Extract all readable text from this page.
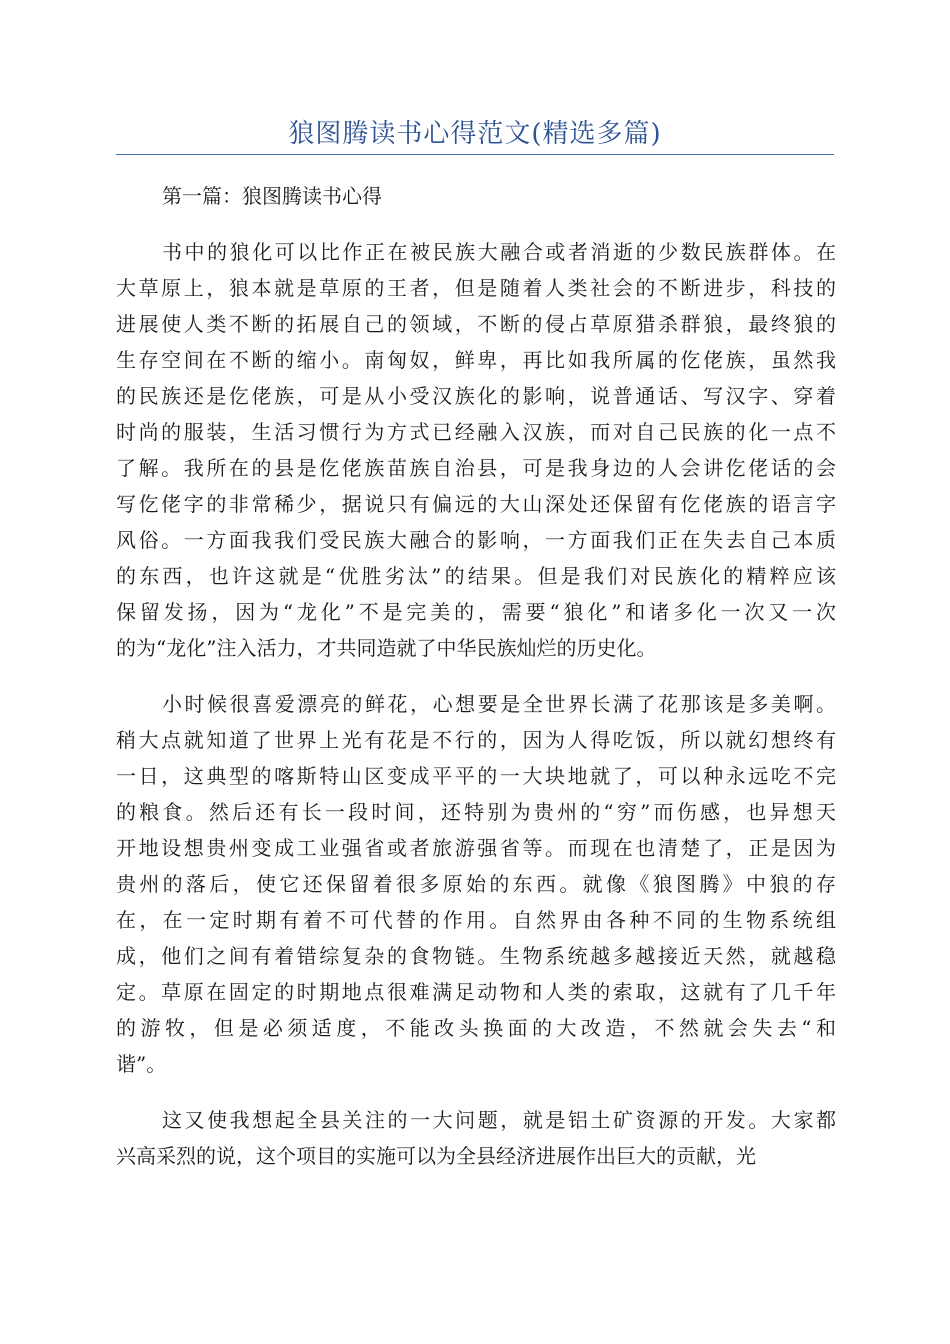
狼图腾读书心得范文(精选多篇)
第一篇：狼图腾读书心得
书中的狼化可以比作正在被民族大融合或者消逝的少数民族群体。在
大草原上，狼本就是草原的王者，但是随着人类社会的不断进步，科技的
进展使人类不断的拓展自己的领域，不断的侵占草原猎杀群狼，最终狼的
生存空间在不断的缩小。南匈奴，鲜卑，再比如我所属的仡佬族，虽然我
的民族还是仡佬族，可是从小受汉族化的影响，说普通话、写汉字、穿着
时尚的服装，生活习惯行为方式已经融入汉族，而对自己民族的化一点不
了解。我所在的县是仡佬族苗族自治县，可是我身边的人会讲仡佬话的会
写仡佬字的非常稀少，据说只有偏远的大山深处还保留有仡佬族的语言字
风俗。一方面我我们受民族大融合的影响，一方面我们正在失去自己本质
的东西，也许这就是“优胜劣汰”的结果。但是我们对民族化的精粹应该
保留发扬，因为“龙化”不是完美的，需要“狼化”和诸多化一次又一次
的为“龙化”注入活力，才共同造就了中华民族灿烂的历史化。
小时候很喜爱漂亮的鲜花，心想要是全世界长满了花那该是多美啊。
稍大点就知道了世界上光有花是不行的，因为人得吃饭，所以就幻想终有
一日，这典型的喀斯特山区变成平平的一大块地就了，可以种永远吃不完
的粮食。然后还有长一段时间，还特别为贵州的“穷”而伤感，也异想天
开地设想贵州变成工业强省或者旅游强省等。而现在也清楚了，正是因为
贵州的落后，使它还保留着很多原始的东西。就像《狼图腾》中狼的存
在，在一定时期有着不可代替的作用。自然界由各种不同的生物系统组
成，他们之间有着错综复杂的食物链。生物系统越多越接近天然，就越稳
定。草原在固定的时期地点很难满足动物和人类的索取，这就有了几千年
的游牧，但是必须适度，不能改头换面的大改造，不然就会失去“和
谐”。
这又使我想起全县关注的一大问题，就是铝土矿资源的开发。大家都
兴高采烈的说，这个项目的实施可以为全县经济进展作出巨大的贡献，光
